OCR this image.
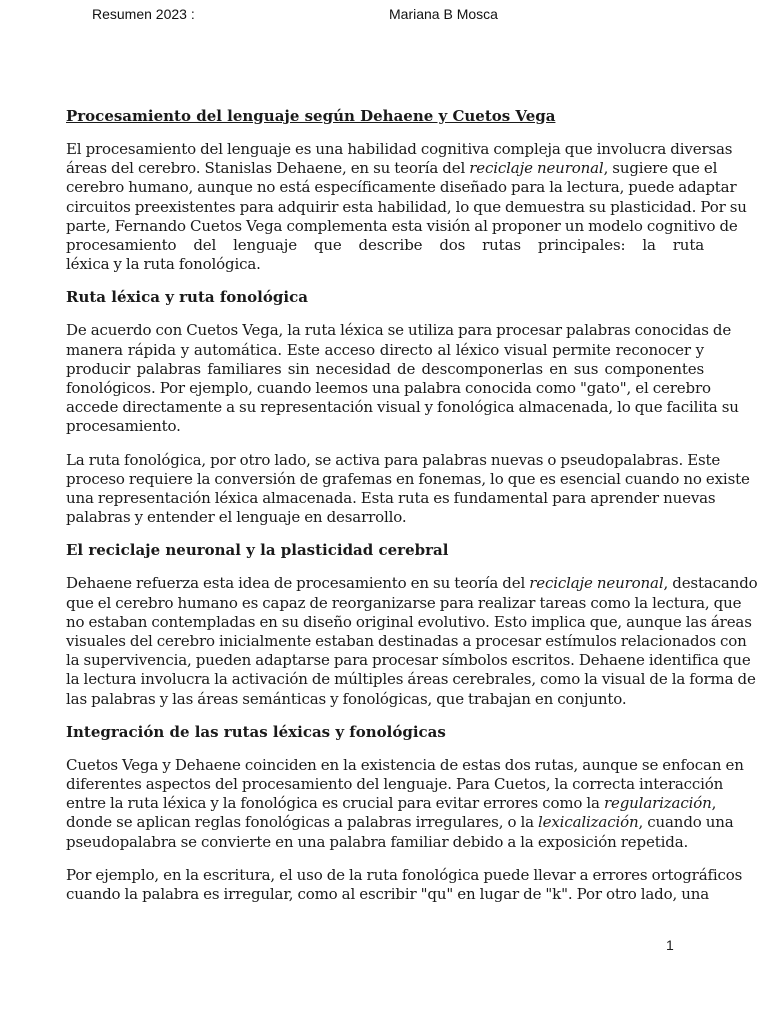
Resumen 2023 :	Mariana B Mosca
Procesamiento del lenguaje según Dehaene y Cuetos Vega
El procesamiento del lenguaje es una habilidad cognitiva compleja que involucra diversas
áreas del cerebro. Stanislas Dehaene, en su teoría del reciclaje neuronal, sugiere que el
cerebro humano, aunque no está específicamente diseñado para la lectura, puede adaptar
circuitos preexistentes para adquirir esta habilidad, lo que demuestra su plasticidad. Por su
parte, Fernando Cuetos Vega complementa esta visión al proponer un modelo cognitivo de
procesamiento del lenguaje que describe dos rutas principales: la ruta
léxica y la ruta fonológica.
Ruta léxica y ruta fonológica
De acuerdo con Cuetos Vega, la ruta léxica se utiliza para procesar palabras conocidas de
manera rápida y automática. Este acceso directo al léxico visual permite reconocer y
producir palabras familiares sin necesidad de descomponerlas en sus componentes
fonológicos. Por ejemplo, cuando leemos una palabra conocida como "gato", el cerebro
accede directamente a su representación visual y fonológica almacenada, lo que facilita su
procesamiento.
La ruta fonológica, por otro lado, se activa para palabras nuevas o pseudopalabras. Este
proceso requiere la conversión de grafemas en fonemas, lo que es esencial cuando no existe
una representación léxica almacenada. Esta ruta es fundamental para aprender nuevas
palabras y entender el lenguaje en desarrollo.
El reciclaje neuronal y la plasticidad cerebral
Dehaene refuerza esta idea de procesamiento en su teoría del reciclaje neuronal, destacando
que el cerebro humano es capaz de reorganizarse para realizar tareas como la lectura, que
no estaban contempladas en su diseño original evolutivo. Esto implica que, aunque las áreas
visuales del cerebro inicialmente estaban destinadas a procesar estímulos relacionados con
la supervivencia, pueden adaptarse para procesar símbolos escritos. Dehaene identifica que
la lectura involucra la activación de múltiples áreas cerebrales, como la visual de la forma de
las palabras y las áreas semánticas y fonológicas, que trabajan en conjunto.
Integración de las rutas léxicas y fonológicas
Cuetos Vega y Dehaene coinciden en la existencia de estas dos rutas, aunque se enfocan en
diferentes aspectos del procesamiento del lenguaje. Para Cuetos, la correcta interacción
entre la ruta léxica y la fonológica es crucial para evitar errores como la regularización,
donde se aplican reglas fonológicas a palabras irregulares, o la lexicalización, cuando una
pseudopalabra se convierte en una palabra familiar debido a la exposición repetida.
Por ejemplo, en la escritura, el uso de la ruta fonológica puede llevar a errores ortográficos
cuando la palabra es irregular, como al escribir "qu" en lugar de "k". Por otro lado, una
1
